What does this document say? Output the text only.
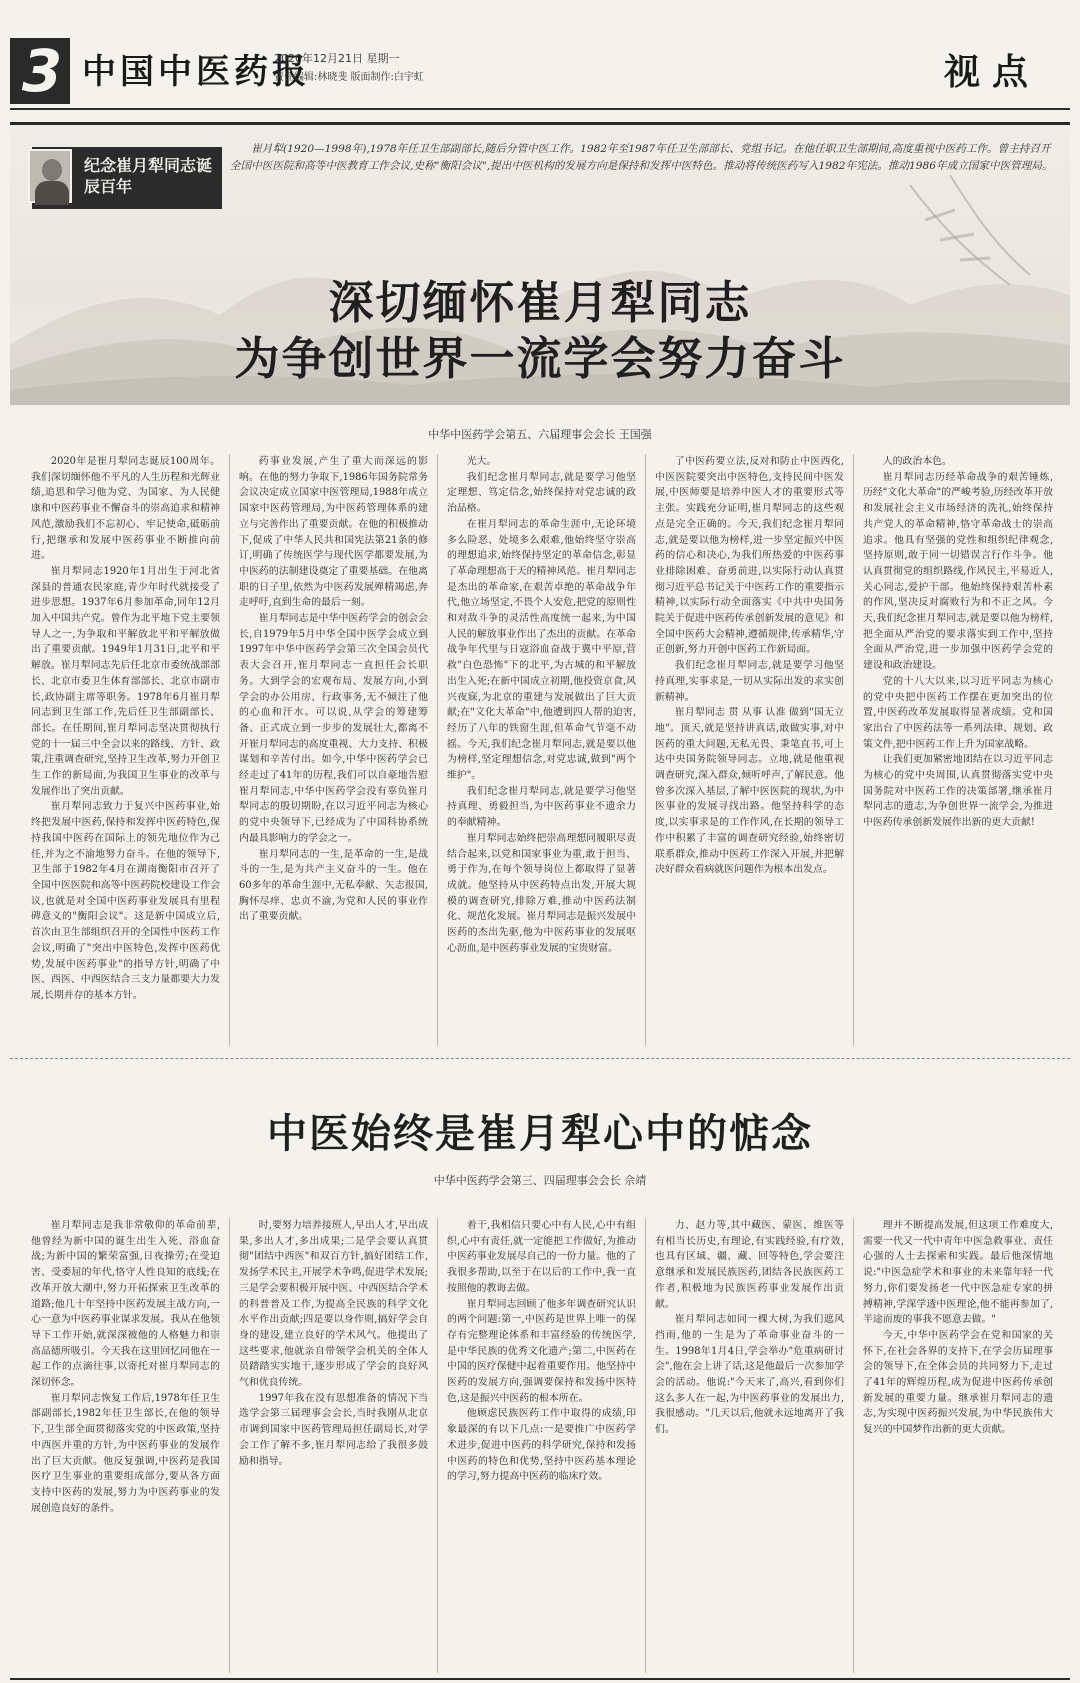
3 中国中医药报
2020年12月21日 星期一
责任编辑:林晓斐 版面制作:白宇虹	视点
纪念崔月犁同志诞辰百年

崔月犁(1920—1998年),1978年任卫生部副部长,随后分管中医工作。1982年至1987年任卫生部部长、党组书记。在他任职卫生部期间,高度重视中医药工作。曾主持召开全国中医医院和高等中医教育工作会议,史称"衡阳会议",提出中医机构的发展方向是保持和发挥中医特色。推动将传统医药写入1982年宪法。推动1986年成立国家中医管理局。

深切缅怀崔月犁同志
为争创世界一流学会努力奋斗
中华中医药学会第五、六届理事会会长 王国强

2020年是崔月犁同志诞辰100周年。我们深切缅怀他不平凡的人生历程和光辉业绩,追思和学习他为党、为国家、为人民健康和中医药事业不懈奋斗的崇高追求和精神风范,激励我们不忘初心、牢记使命,砥砺前行,把继承和发展中医药事业不断推向前进。

崔月犁同志1920年1月出生于河北省深县的普通农民家庭,青少年时代就接受了进步思想。1937年6月参加革命,同年12月加入中国共产党。曾作为北平地下党主要领导人之一,为争取和平解放北平和平解放做出了重要贡献。1949年1月31日,北平和平解放。崔月犁同志先后任北京市委统战部部长、北京市委卫生体育部部长、北京市副市长,政协副主席等职务。1978年6月崔月犁同志到卫生部工作,先后任卫生部副部长、部长。在任期间,崔月犁同志坚决贯彻执行党的十一届三中全会以来的路线、方针、政策,注重调查研究,坚持卫生改革,努力开创卫生工作的新局面,为我国卫生事业的改革与发展作出了突出贡献。

崔月犁同志致力于复兴中医药事业,始终把发展中医药,保持和发挥中医药特色,保持我国中医药在国际上的领先地位作为己任,并为之不渝地努力奋斗。在他的领导下,卫生部于1982年4月在湖南衡阳市召开了全国中医医院和高等中医药院校建设工作会议,也就是对全国中医药事业发展具有里程碑意义的"衡阳会议"。这是新中国成立后,首次由卫生部组织召开的全国性中医药工作会议,明确了"突出中医特色,发挥中医药优势,发展中医药事业"的指导方针,明确了中医、西医、中西医结合三支力量都要大力发展,长期并存的基本方针。

药事业发展,产生了重大而深远的影响。在他的努力争取下,1986年国务院常务会议决定成立国家中医管理局,1988年成立国家中医药管理局,为中医药管理体系的建立与完善作出了重要贡献。在他的积极推动下,促成了中华人民共和国宪法第21条的修订,明确了传统医学与现代医学都要发展,为中医药的法制建设奠定了重要基础。在他离职的日子里,依然为中医药发展殚精竭虑,奔走呼吁,直到生命的最后一刻。

崔月犁同志是中华中医药学会的创会会长,自1979年5月中华全国中医学会成立到1997年中华中医药学会第三次全国会员代表大会召开,崔月犁同志一直担任会长职务。大到学会的宏观布局、发展方向,小到学会的办公用房、行政事务,无不倾注了他的心血和汗水。可以说,从学会的筹建筹备、正式成立到一步步的发展壮大,都离不开崔月犁同志的高度重视、大力支持、积极谋划和辛苦付出。如今,中华中医药学会已经走过了41年的历程,我们可以自豪地告慰崔月犁同志,中华中医药学会没有辜负崔月犁同志的殷切期盼,在以习近平同志为核心的党中央领导下,已经成为了中国科协系统内最具影响力的学会之一。

崔月犁同志的一生,是革命的一生,是战斗的一生,是为共产主义奋斗的一生。他在60多年的革命生涯中,无私奉献、矢志报国,胸怀尽痒、忠贞不渝,为党和人民的事业作出了重要贡献。

光大。

我们纪念崔月犁同志,就是要学习他坚定理想、笃定信念,始终保持对党忠诚的政治品格。

在崔月犁同志的革命生涯中,无论环境多么险恶、处境多么艰难,他始终坚守崇高的理想追求,始终保持坚定的革命信念,彰显了革命理想高于天的精神风范。崔月犁同志是杰出的革命家,在艰苦卓绝的革命战争年代,他立场坚定,不畏个人安危,把党的原则性和对敌斗争的灵活性高度统一起来,为中国人民的解放事业作出了杰出的贡献。在革命战争年代里与日寇浴血奋战于冀中平原,营救"白色恐怖"下的北平,为古城的和平解放出生入死;在新中国成立初期,他投资京食,风兴夜寐,为北京的重建与发展做出了巨大贡献;在"文化大革命"中,他遭到四人帮的迫害,经历了八年的铁窗生涯,但革命气节毫不动摇。今天,我们纪念崔月犁同志,就是要以他为榜样,坚定理想信念,对党忠诚,做到"两个维护"。

我们纪念崔月犁同志,就是要学习他坚持真理、勇毅担当,为中医药事业不遗余力的奉献精神。

崔月犁同志始终把崇高理想同履职尽责结合起来,以党和国家事业为重,敢于担当、勇于作为,在每个领导岗位上都取得了显著成就。他坚持从中医药特点出发,开展大规模的调查研究,排除万难,推动中医药法制化、规范化发展。崔月犁同志是振兴发展中医药的杰出先驱,他为中医药事业的发展呕心沥血,是中医药事业发展的宝贵财富。

了中医药要立法,反对和防止中医西化,中医医院要突出中医特色,支持民间中医发展,中医师要是培养中医人才的重要形式等主张。实践充分证明,崔月犁同志的这些观点是完全正确的。今天,我们纪念崔月犁同志,就是要以他为榜样,进一步坚定振兴中医药的信心和决心,为我们所热爱的中医药事业排除困难、奋勇前进,以实际行动认真贯彻习近平总书记关于中医药工作的重要指示精神,以实际行动全面落实《中共中央国务院关于促进中医药传承创新发展的意见》和全国中医药大会精神,遵循规律,传承精华,守正创新,努力开创中医药工作新局面。

我们纪念崔月犁同志,就是要学习他坚持真理,实事求是,一切从实际出发的求实创新精神。

崔月犁同志 贯 从事 认准 做到"国无立地"。顶天,就是坚持讲真话,敢做实事,对中医药的重大问题,无私无畏、秉笔直书,可上达中央国务院领导同志。立地,就是他重视调查研究,深入群众,倾听呼声,了解民意。他曾多次深入基层,了解中医医院的现状,为中医事业的发展寻找出路。他坚持科学的态度,以实事求是的工作作风,在长期的领导工作中积累了丰富的调查研究经验,始终密切联系群众,推动中医药工作深入开展,并把解决好群众看病就医问题作为根本出发点。

人的政治本色。

崔月犁同志历经革命战争的艰苦锤炼,历经"文化大革命"的严峻考验,历经改革开放和发展社会主义市场经济的洗礼,始终保持共产党人的革命精神,恪守革命战士的崇高追求。他具有坚强的党性和组织纪律观念,坚持原则,敢于同一切错误言行作斗争。他认真贯彻党的组织路线,作风民主,平易近人,关心同志,爱护干部。他始终保持艰苦朴素的作风,坚决反对腐败行为和不正之风。今天,我们纪念崔月犁同志,就是要以他为榜样,把全面从严治党的要求落实到工作中,坚持全面从严治党,进一步加强中医药学会党的建设和政治建设。

党的十八大以来,以习近平同志为核心的党中央把中医药工作摆在更加突出的位置,中医药改革发展取得显著成绩。党和国家出台了中医药法等一系列法律、规划、政策文件,把中医药工作上升为国家战略。

让我们更加紧密地团结在以习近平同志为核心的党中央周围,认真贯彻落实党中央国务院对中医药工作的决策部署,继承崔月犁同志的遗志,为争创世界一流学会,为推进中医药传承创新发展作出新的更大贡献!

中医始终是崔月犁心中的惦念
中华中医药学会第三、四届理事会会长 佘靖

崔月犁同志是我非常敬仰的革命前辈,他曾经为新中国的诞生出生入死、浴血奋战;为新中国的繁荣富强,日夜操劳;在受迫害、受委屈的年代,恪守人性良知的底线;在改革开放大潮中,努力开拓探索卫生改革的道路;他几十年坚持中医药发展主战方向,一心一意为中医药事业谋求发展。我从在他领导下工作开始,就深深被他的人格魅力和崇高品德所吸引。今天我在这里回忆同他在一起工作的点滴往事,以寄托对崔月犁同志的深切怀念。

崔月犁同志恢复工作后,1978年任卫生部副部长,1982年任卫生部长,在他的领导下,卫生部全面贯彻落实党的中医政策,坚持中西医并重的方针,为中医药事业的发展作出了巨大贡献。他反复强调,中医药是我国医疗卫生事业的重要组成部分,要从各方面支持中医药的发展,努力为中医药事业的发展创造良好的条件。

时,要努力培养接班人,早出人才,早出成果,多出人才,多出成果;二是学会要认真贯彻"团结中西医"和双百方针,搞好团结工作,发扬学术民主,开展学术争鸣,促进学术发展;三是学会要积极开展中医、中西医结合学术的科普普及工作,为提高全民族的科学文化水平作出贡献;四是要以身作则,搞好学会自身的建设,建立良好的学术风气。他提出了这些要求,他就亲自带领学会机关的全体人员踏踏实实地干,逐步形成了学会的良好风气和优良传统。

1997年我在没有思想准备的情况下当选学会第三届理事会会长,当时我刚从北京市调到国家中医药管理局担任副局长,对学会工作了解不多,崔月犁同志给了我很多鼓励和指导。

着干,我相信只要心中有人民,心中有组织,心中有责任,就一定能把工作做好,为推动中医药事业发展尽自己的一份力量。他的了我很多帮助,以至于在以后的工作中,我一直按照他的教诲去做。

崔月犁同志回顾了他多年调查研究认识的两个问题:第一,中医药是世界上唯一的保存有完整理论体系和丰富经验的传统医学,是中华民族的优秀文化遗产;第二,中医药在中国的医疗保健中起着重要作用。他坚持中医药的发展方向,强调要保持和发扬中医特色,这是振兴中医药的根本所在。

他顾虑民族医药工作中取得的成绩,印象最深的有以下几点:一是要推广中医药学术进步,促进中医药的科学研究,保持和发扬中医药的特色和优势,坚持中医药基本理论的学习,努力提高中医药的临床疗效。

力、赵力等,其中藏医、蒙医、维医等有相当长历史,有理论,有实践经验,有疗效,也具有区域、疆、藏、回等特色,学会要注意继承和发展民族医药,团结各民族医药工作者,积极地为民族医药事业发展作出贡献。

崔月犁同志如同一棵大树,为我们遮风挡雨,他的一生是为了革命事业奋斗的一生。1998年1月4日,学会举办"危重病研讨会",他在会上讲了话,这是他最后一次参加学会的活动。他说:"今天来了,高兴,看到你们这么多人在一起,为中医药事业的发展出力,我很感动。"几天以后,他就永远地离开了我们。

理并不断提高发展,但这项工作难度大,需要一代又一代中青年中医急救事业、责任心强的人士去探索和实践。最后他深情地说:"中医急症学术和事业的未来靠年轻一代努力,你们要发扬老一代中医急症专家的拼搏精神,学深学透中医理论,他不能再参加了,半途而废的事我不愿意去做。"

今天,中华中医药学会在党和国家的关怀下,在社会各界的支持下,在学会历届理事会的领导下,在全体会员的共同努力下,走过了41年的辉煌历程,成为促进中医药传承创新发展的重要力量。继承崔月犁同志的遗志,为实现中医药振兴发展,为中华民族伟大复兴的中国梦作出新的更大贡献。
